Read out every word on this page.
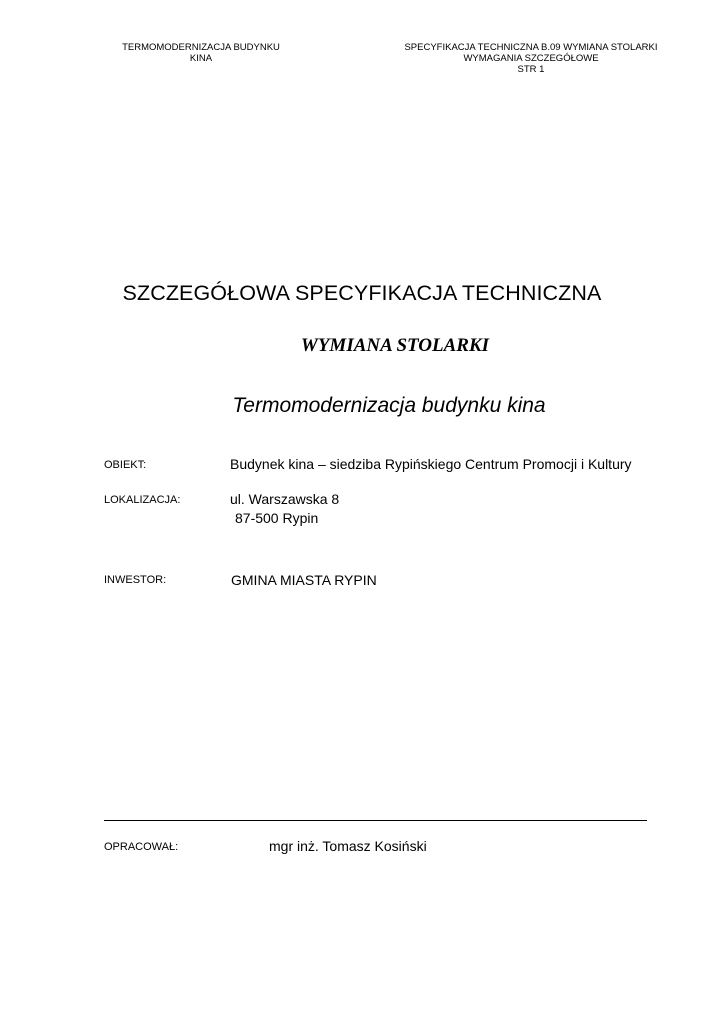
TERMOMODERNIZACJA BUDYNKU
KINA
SPECYFIKACJA TECHNICZNA B.09 WYMIANA STOLARKI
WYMAGANIA SZCZEGÓŁOWE
STR 1
SZCZEGÓŁOWA SPECYFIKACJA TECHNICZNA
WYMIANA STOLARKI
Termomodernizacja budynku kina
OBIEKT:	Budynek kina – siedziba Rypińskiego Centrum Promocji i Kultury
LOKALIZACJA:	ul. Warszawska 8
87-500 Rypin
INWESTOR:	GMINA MIASTA RYPIN
OPRACOWAŁ:	mgr inż. Tomasz Kosiński
